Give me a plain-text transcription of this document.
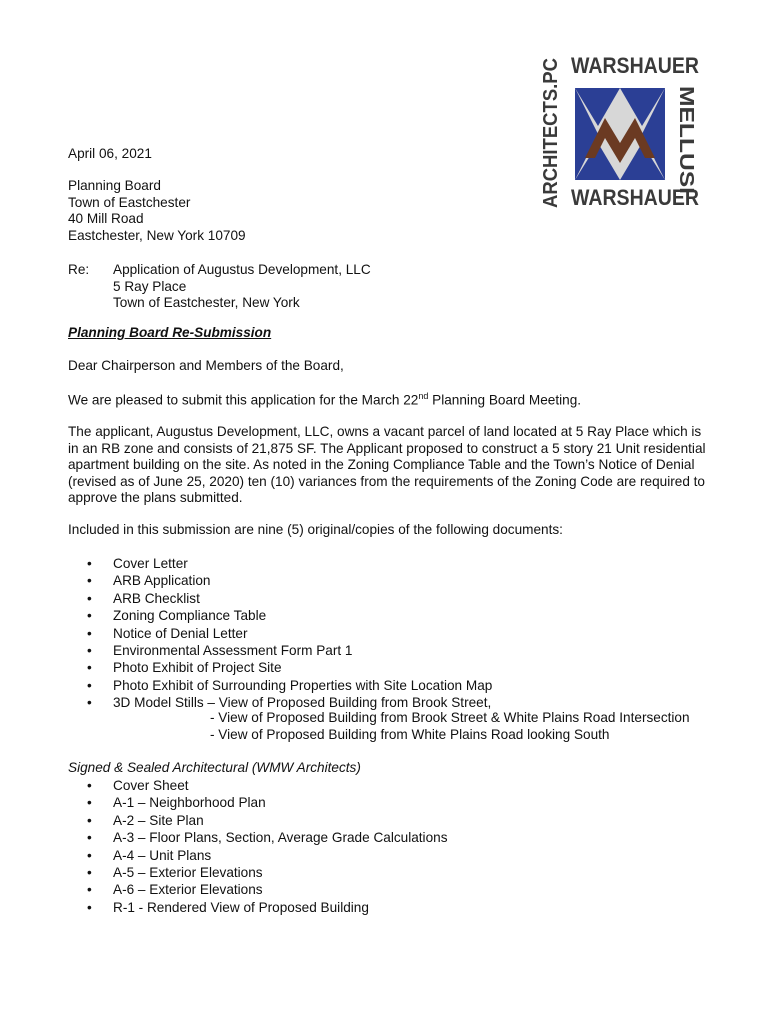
WARSHAUER
WARSHAUER
ARCHITECTS.PC	MELLUSI
April 06, 2021
Planning Board
Town of Eastchester
40 Mill Road
Eastchester, New York 10709
Re: Application of Augustus Development, LLC
5 Ray Place
Town of Eastchester, New York
Planning Board Re-Submission
Dear Chairperson and Members of the Board,
We are pleased to submit this application for the March 22nd Planning Board Meeting.
The applicant, Augustus Development, LLC, owns a vacant parcel of land located at 5 Ray Place which is in an RB zone and consists of 21,875 SF. The Applicant proposed to construct a 5 story 21 Unit residential apartment building on the site. As noted in the Zoning Compliance Table and the Town’s Notice of Denial (revised as of June 25, 2020) ten (10) variances from the requirements of the Zoning Code are required to approve the plans submitted.
Included in this submission are nine (5) original/copies of the following documents:
• Cover Letter
• ARB Application
• ARB Checklist
• Zoning Compliance Table
• Notice of Denial Letter
• Environmental Assessment Form Part 1
• Photo Exhibit of Project Site
• Photo Exhibit of Surrounding Properties with Site Location Map
• 3D Model Stills – View of Proposed Building from Brook Street,
- View of Proposed Building from Brook Street & White Plains Road Intersection
- View of Proposed Building from White Plains Road looking South
Signed & Sealed Architectural (WMW Architects)
• Cover Sheet
• A-1 – Neighborhood Plan
• A-2 – Site Plan
• A-3 – Floor Plans, Section, Average Grade Calculations
• A-4 – Unit Plans
• A-5 – Exterior Elevations
• A-6 – Exterior Elevations
• R-1 - Rendered View of Proposed Building
